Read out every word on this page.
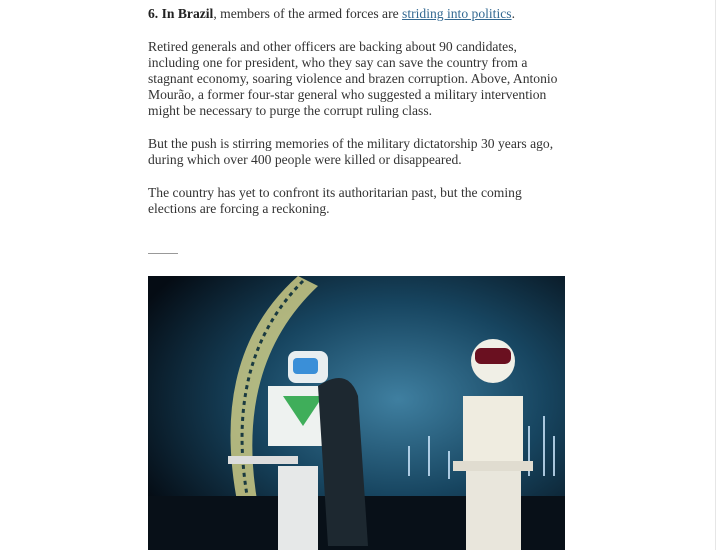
6. In Brazil, members of the armed forces are striding into politics.

Retired generals and other officers are backing about 90 candidates, including one for president, who they say can save the country from a stagnant economy, soaring violence and brazen corruption. Above, Antonio Mourão, a former four-star general who suggested a military intervention might be necessary to purge the corrupt ruling class.

But the push is stirring memories of the military dictatorship 30 years ago, during which over 400 people were killed or disappeared.

The country has yet to confront its authoritarian past, but the coming elections are forcing a reckoning.
